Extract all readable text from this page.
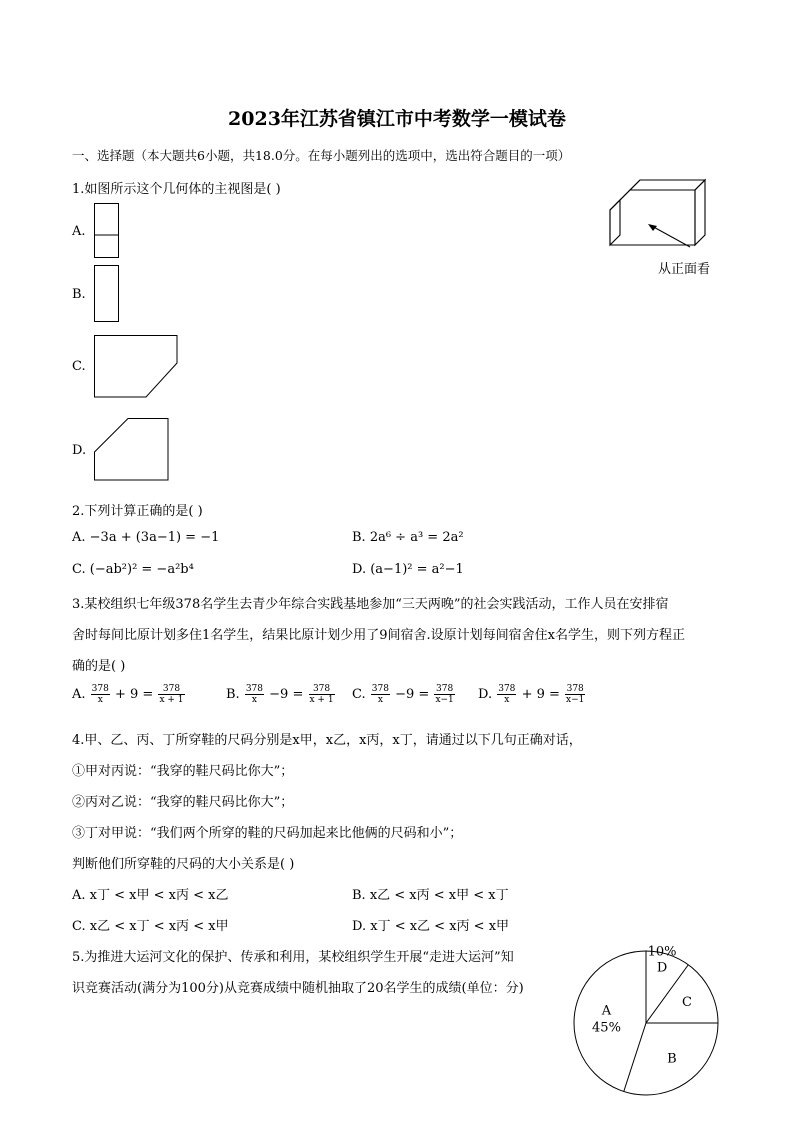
2023年江苏省镇江市中考数学一模试卷
一、选择题（本大题共6小题，共18.0分。在每小题列出的选项中，选出符合题目的一项）
1.如图所示这个几何体的主视图是( )
从正面看
A.
B.
C.
D.
2.下列计算正确的是( )
A. −3a + (3a−1) = −1	B. 2a⁶ ÷ a³ = 2a²
C. (−ab²)² = −a²b⁴	D. (a−1)² = a²−1
3.某校组织七年级378名学生去青少年综合实践基地参加“三天两晚”的社会实践活动，工作人员在安排宿
舍时每间比原计划多住1名学生，结果比原计划少用了9间宿舍.设原计划每间宿舍住x名学生，则下列方程正
确的是( )
A. $\frac{378}{x} + 9 = \frac{378}{x + 1}$	B. $\frac{378}{x} -9 = \frac{378}{x + 1} C$. $\frac{378}{x} -9 = \frac{378}{x-1} D$. $\frac{378}{x} + 9 = \frac{378}{x-1}$
4.甲、乙、丙、丁所穿鞋的尺码分别是x甲，x乙，x丙，x丁，请通过以下几句正确对话，
①甲对丙说：“我穿的鞋尺码比你大”；
②丙对乙说：“我穿的鞋尺码比你大”；
③丁对甲说：“我们两个所穿的鞋的尺码加起来比他俩的尺码和小”；
判断他们所穿鞋的尺码的大小关系是( )
A. x丁 < x甲 < x丙 < x乙	B. x乙 < x丙 < x甲 < x丁
C. x乙 < x丁 < x丙 < x甲	D. x丁 < x乙 < x丙 < x甲
5.为推进大运河文化的保护、传承和利用，某校组织学生开展“走进大运河”知
识竞赛活动(满分为100分)从竞赛成绩中随机抽取了20名学生的成绩(单位：分)
A
45%
B
C
D
10%
